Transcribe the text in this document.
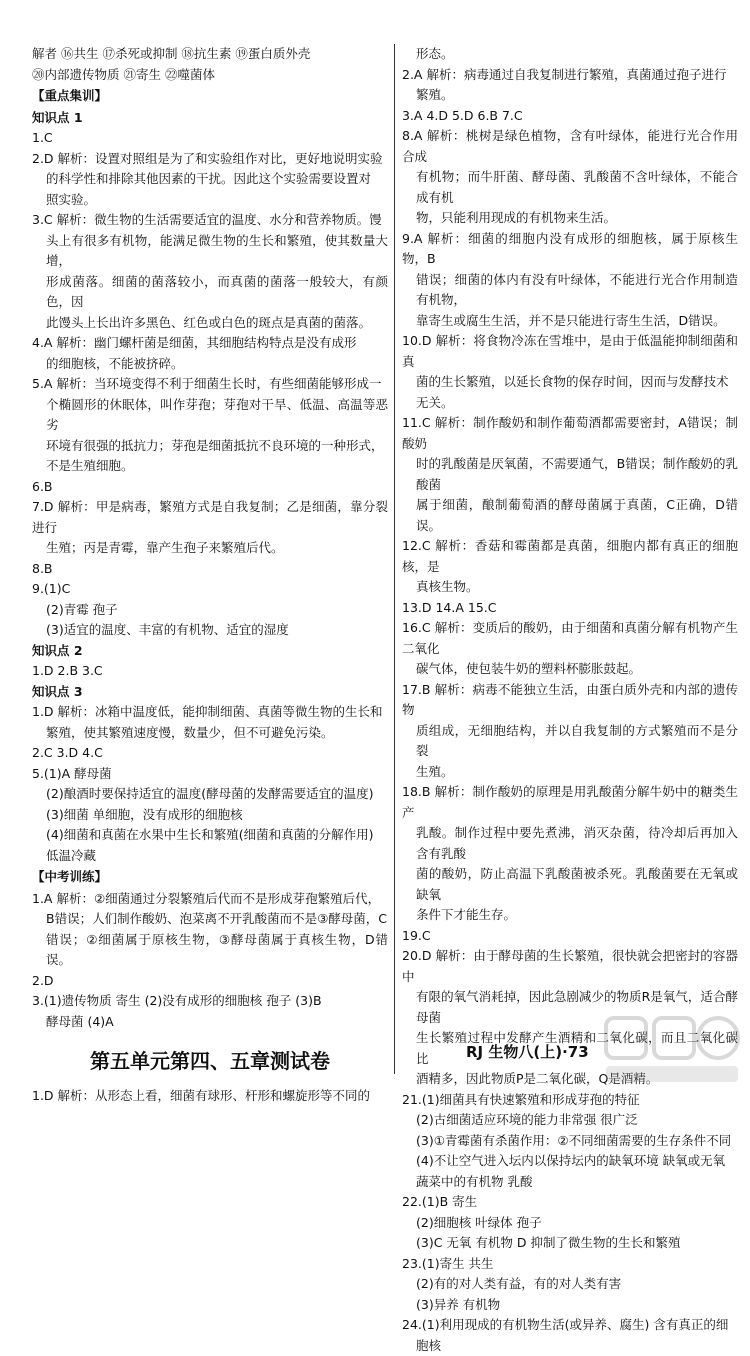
解者 ⑯共生 ⑰杀死或抑制 ⑱抗生素 ⑲蛋白质外壳

⑳内部遗传物质 ㉑寄生 ㉒噬菌体

【 重点集训 】

知识点 1

1.C

2.D 解析：设置对照组是为了和实验组作对比，更好地说明实验

的科学性和排除其他因素的干扰。因此这个实验需要设置对

照实验。

3.C 解析：微生物的生活需要适宜的温度、水分和营养物质。馒

头上有很多有机物，能满足微生物的生长和繁殖，使其数量大增，

形成菌落。细菌的菌落较小，而真菌的菌落一般较大，有颜色，因

此馒头上长出许多黑色、红色或白色的斑点是真菌的菌落。

4.A 解析：幽门螺杆菌是细菌，其细胞结构特点是没有成形

的细胞核，不能被挤碎。

5.A 解析：当环境变得不利于细菌生长时，有些细菌能够形成一

个椭圆形的休眠体，叫作芽孢；芽孢对干旱、低温、高温等恶劣

环境有很强的抵抗力；芽孢是细菌抵抗不良环境的一种形式，

不是生殖细胞。

6.B

7.D 解析：甲是病毒，繁殖方式是自我复制；乙是细菌，靠分裂进行

生殖；丙是青霉，靠产生孢子来繁殖后代。

8.B

9.(1)C

(2)青霉 孢子

(3)适宜的温度、丰富的有机物、适宜的湿度

知识点 2

1.D 2.B 3.C

知识点 3

1.D 解析：冰箱中温度低，能抑制细菌、真菌等微生物的生长和

繁殖，使其繁殖速度慢，数量少，但不可避免污染。

2.C 3.D 4.C

5.(1)A 酵母菌

(2)酿酒时要保持适宜的温度(酵母菌的发酵需要适宜的温度)

(3)细菌 单细胞，没有成形的细胞核

(4)细菌和真菌在水果中生长和繁殖(细菌和真菌的分解作用)

低温冷藏

【 中考训练 】

1.A 解析：②细菌通过分裂繁殖后代而不是形成芽孢繁殖后代，

B错误；人们制作酸奶、泡菜离不开乳酸菌而不是③酵母菌，C

错误；②细菌属于原核生物，③酵母菌属于真核生物，D错误。

2.D

3.(1)遗传物质 寄生 (2)没有成形的细胞核 孢子 (3)B

酵母菌 (4)A

第五单元第四、五章测试卷

1.D 解析：从形态上看，细菌有球形、杆形和螺旋形等不同的

形态。

2.A 解析：病毒通过自我复制进行繁殖，真菌通过孢子进行

繁殖。

3.A 4.D 5.D 6.B 7.C

8.A 解析：桃树是绿色植物，含有叶绿体，能进行光合作用合成

有机物；而牛肝菌、酵母菌、乳酸菌不含叶绿体，不能合成有机

物，只能利用现成的有机物来生活。

9.A 解析：细菌的细胞内没有成形的细胞核，属于原核生物，B

错误；细菌的体内有没有叶绿体，不能进行光合作用制造有机物，

靠寄生或腐生生活，并不是只能进行寄生生活，D错误。

10.D 解析：将食物冷冻在雪堆中，是由于低温能抑制细菌和真

菌的生长繁殖，以延长食物的保存时间，因而与发酵技术

无关。

11.C 解析：制作酸奶和制作葡萄酒都需要密封，A错误；制酸奶

时的乳酸菌是厌氧菌，不需要通气，B错误；制作酸奶的乳酸菌

属于细菌，酿制葡萄酒的酵母菌属于真菌，C正确，D错误。

12.C 解析：香菇和霉菌都是真菌，细胞内都有真正的细胞核，是

真核生物。

13.D 14.A 15.C

16.C 解析：变质后的酸奶，由于细菌和真菌分解有机物产生二氧化

碳气体，使包装牛奶的塑料杯膨胀鼓起。

17.B 解析：病毒不能独立生活，由蛋白质外壳和内部的遗传物

质组成，无细胞结构，并以自我复制的方式繁殖而不是分裂

生殖。

18.B 解析：制作酸奶的原理是用乳酸菌分解牛奶中的糖类生产

乳酸。制作过程中要先煮沸，消灭杂菌，待冷却后再加入含有乳酸

菌的酸奶，防止高温下乳酸菌被杀死。乳酸菌要在无氧或缺氧

条件下才能生存。

19.C

20.D 解析：由于酵母菌的生长繁殖，很快就会把密封的容器中

有限的氧气消耗掉，因此急剧减少的物质R是氧气，适合酵母菌

生长繁殖过程中发酵产生酒精和二氧化碳，而且二氧化碳比

酒精多，因此物质P是二氧化碳，Q是酒精。

21.(1)细菌具有快速繁殖和形成芽孢的特征

(2)古细菌适应环境的能力非常强 很广泛

(3)①青霉菌有杀菌作用：②不同细菌需要的生存条件不同

(4)不让空气进入坛内以保持坛内的缺氧环境 缺氧或无氧

蔬菜中的有机物 乳酸

22.(1)B 寄生

(2)细胞核 叶绿体 孢子

(3)C 无氧 有机物 D 抑制了微生物的生长和繁殖

23.(1)寄生 共生

(2)有的对人类有益，有的对人类有害

(3)异养 有机物

24.(1)利用现成的有机物生活(或异养、腐生) 含有真正的细

胞核

RJ 生物八(上)·73
